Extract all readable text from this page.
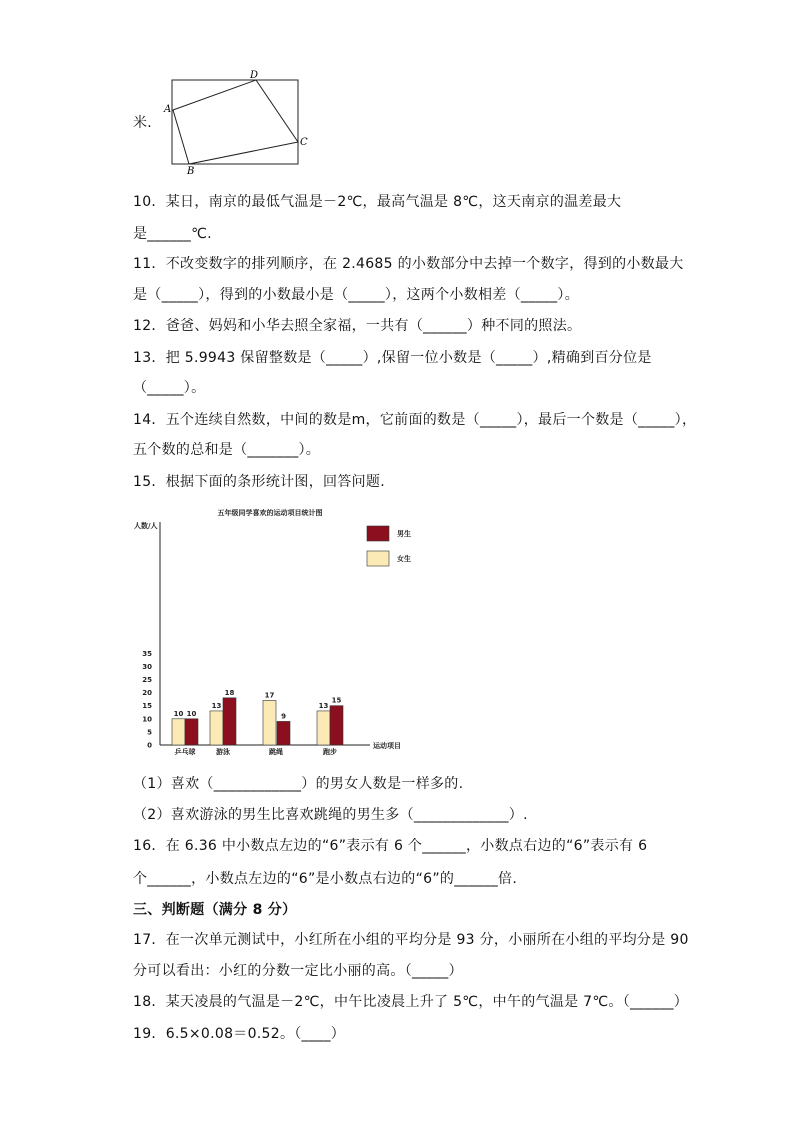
米.
A
D
C
B
10．某日，南京的最低气温是－2℃，最高气温是 8℃，这天南京的温差最大
是______℃.
11．不改变数字的排列顺序，在 2.4685 的小数部分中去掉一个数字，得到的小数最大
是（_____），得到的小数最小是（_____），这两个小数相差（_____）。
12．爸爸、妈妈和小华去照全家福，一共有（______）种不同的照法。
13．把 5.9943 保留整数是（_____）,保留一位小数是（_____）,精确到百分位是
（_____）。
14．五个连续自然数，中间的数是m，它前面的数是（_____），最后一个数是（_____），
五个数的总和是（_______）。
15．根据下面的条形统计图，回答问题.
五年级同学喜欢的运动项目统计图
人数/人
运动项目
0
5
10
15
20
25
30
35
10 10
乒乓球
13
18
游泳
17
9
跳绳
13
15
跑步
男生
女生
（1）喜欢（____________）的男女人数是一样多的.
（2）喜欢游泳的男生比喜欢跳绳的男生多（_____________）.
16．在 6.36 中小数点左边的“6”表示有 6 个______，小数点右边的“6”表示有 6
个______，小数点左边的“6”是小数点右边的“6”的______倍.
三、判断题（满分 8 分）
17．在一次单元测试中，小红所在小组的平均分是 93 分，小丽所在小组的平均分是 90
分可以看出：小红的分数一定比小丽的高。（_____）
18．某天凌晨的气温是－2℃，中午比凌晨上升了 5℃，中午的气温是 7℃。（______）
19．6.5×0.08＝0.52。（____）
